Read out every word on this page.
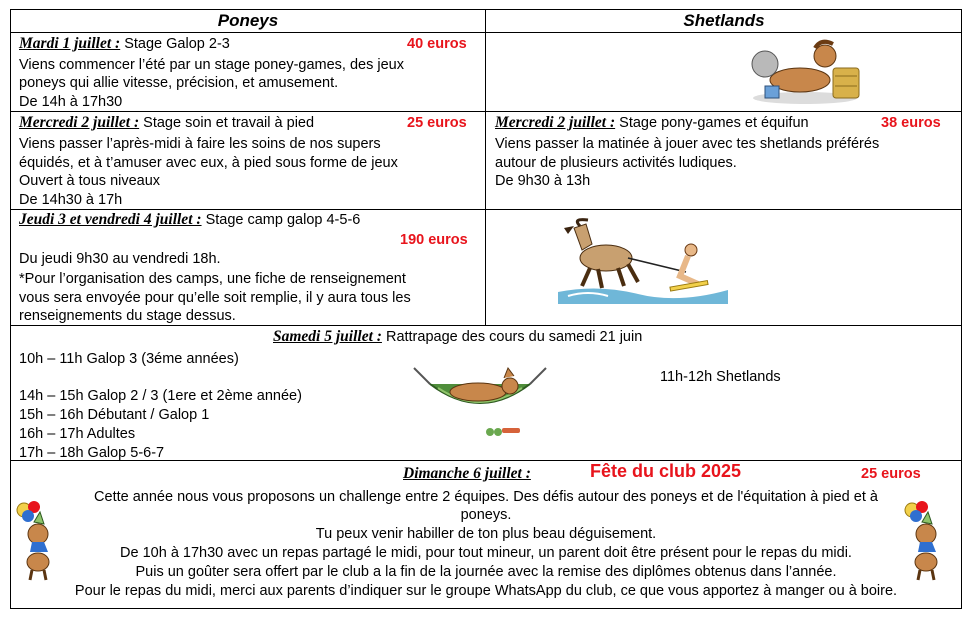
Poneys	Shetlands
Mardi 1 juillet : Stage Galop 2-3	40 euros
Viens commencer l’été par un stage poney-games, des jeux
poneys qui allie vitesse, précision, et amusement.
De 14h à 17h30
Mercredi 2 juillet : Stage soin et travail à pied	25 euros
Viens passer l’après-midi à faire les soins de nos supers
équidés, et à t’amuser avec eux, à pied sous forme de jeux
Ouvert à tous niveaux
De 14h30 à 17h
Mercredi 2 juillet : Stage pony-games et équifun	38 euros
Viens passer la matinée à jouer avec tes shetlands préférés
autour de plusieurs activités ludiques.
De 9h30 à 13h
Jeudi 3 et vendredi 4 juillet : Stage camp galop 4-5-6
190 euros
Du jeudi 9h30 au vendredi 18h.
*Pour l’organisation des camps, une fiche de renseignement
vous sera envoyée pour qu’elle soit remplie, il y aura tous les
renseignements du stage dessus.
Samedi 5 juillet : Rattrapage des cours du samedi 21 juin
10h – 11h Galop 3 (3éme années)
14h – 15h Galop 2 / 3 (1ere et 2ème année)
15h – 16h Débutant / Galop 1
16h – 17h Adultes
17h – 18h Galop 5-6-7
11h-12h Shetlands
Dimanche 6 juillet :	Fête du club 2025	25 euros
Cette année nous vous proposons un challenge entre 2 équipes. Des défis autour des poneys et de l'équitation à pied et à
poneys.
Tu peux venir habiller de ton plus beau déguisement.
De 10h à 17h30 avec un repas partagé le midi, pour tout mineur, un parent doit être présent pour le repas du midi.
Puis un goûter sera offert par le club a la fin de la journée avec la remise des diplômes obtenus dans l’année.
Pour le repas du midi, merci aux parents d’indiquer sur le groupe WhatsApp du club, ce que vous apportez à manger ou à boire.
